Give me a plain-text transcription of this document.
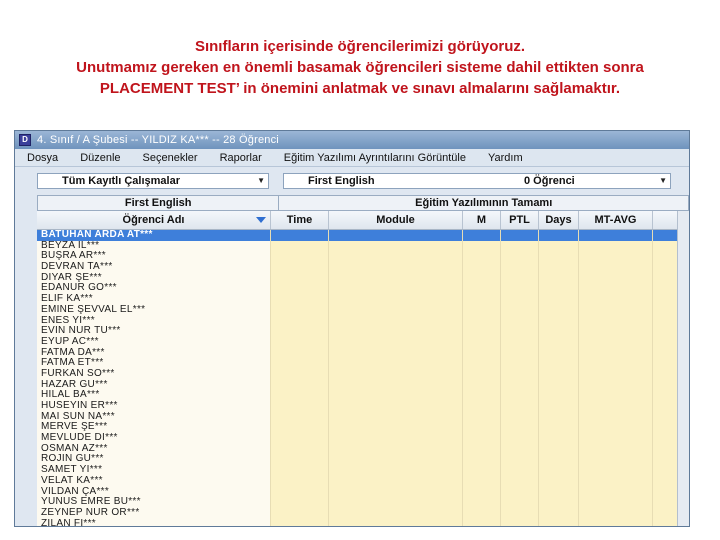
Sınıfların içerisinde öğrencilerimizi görüyoruz.
Unutmamız gereken en önemli basamak öğrencileri sisteme dahil ettikten sonra
PLACEMENT TEST’ in önemini anlatmak ve sınavı almalarını sağlamaktır.
D 4. Sınıf / A Şubesi -- YILDIZ KA*** -- 28 Öğrenci
Dosya Düzenle Seçenekler Raporlar Eğitim Yazılımı Ayrıntılarını Görüntüle Yardım
Tüm Kayıtlı Çalışmalar	▼	First English	0 Öğrenci	▼
First English	Eğitim Yazılımının Tamamı
Öğrenci Adı	Time	Module	M	PTL	Days	MT-AVG
BATUHAN ARDA AT***
BEYZA İL***
BÜŞRA AR***
DEVRAN TA***
DİYAR ŞE***
EDANUR GÖ***
ELİF KA***
EMİNE ŞEVVAL EL***
ENES Yİ***
EVİN NUR TU***
EYUP AC***
FATMA DA***
FATMA ET***
FURKAN SÖ***
HAZAR GU***
HİLAL BA***
HÜSEYİN ER***
MAİ SUN NA***
MERVE ŞE***
MEVLÜDE Dİ***
OSMAN AZ***
ROJİN GÜ***
SAMET Yİ***
VELAT KA***
VİLDAN ÇA***
YUNUS EMRE BU***
ZEYNEP NUR ÖR***
ZİLAN Fİ***
